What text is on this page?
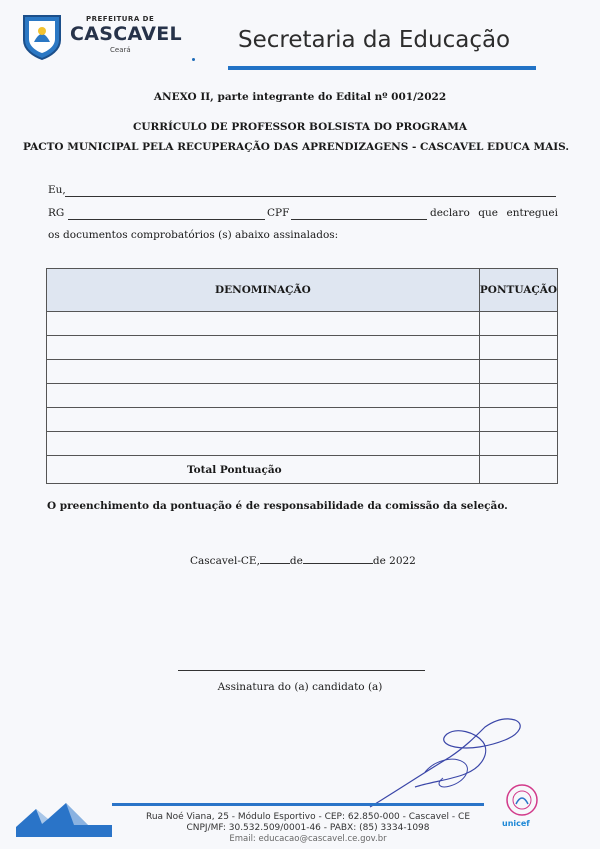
PREFEITURA DE
CASCAVEL
Ceará	Secretaria da Educação
ANEXO II, parte integrante do Edital nº 001/2022
CURRÍCULO DE PROFESSOR BOLSISTA DO PROGRAMA
PACTO MUNICIPAL PELA RECUPERAÇÃO DAS APRENDIZAGENS - CASCAVEL EDUCA MAIS.
Eu,
RG	CPF	declaro que entreguei
os documentos comprobatórios (s) abaixo assinalados:
DENOMINAÇÃO	PONTUAÇÃO

Total Pontuação	
O preenchimento da pontuação é de responsabilidade da comissão da seleção.
Cascavel-CE,	de	de 2022
Assinatura do (a) candidato (a)
Rua Noé Viana, 25 - Módulo Esportivo - CEP: 62.850-000 - Cascavel - CE
CNPJ/MF: 30.532.509/0001-46 - PABX: (85) 3334-1098
Email: educacao@cascavel.ce.gov.br
unicef
